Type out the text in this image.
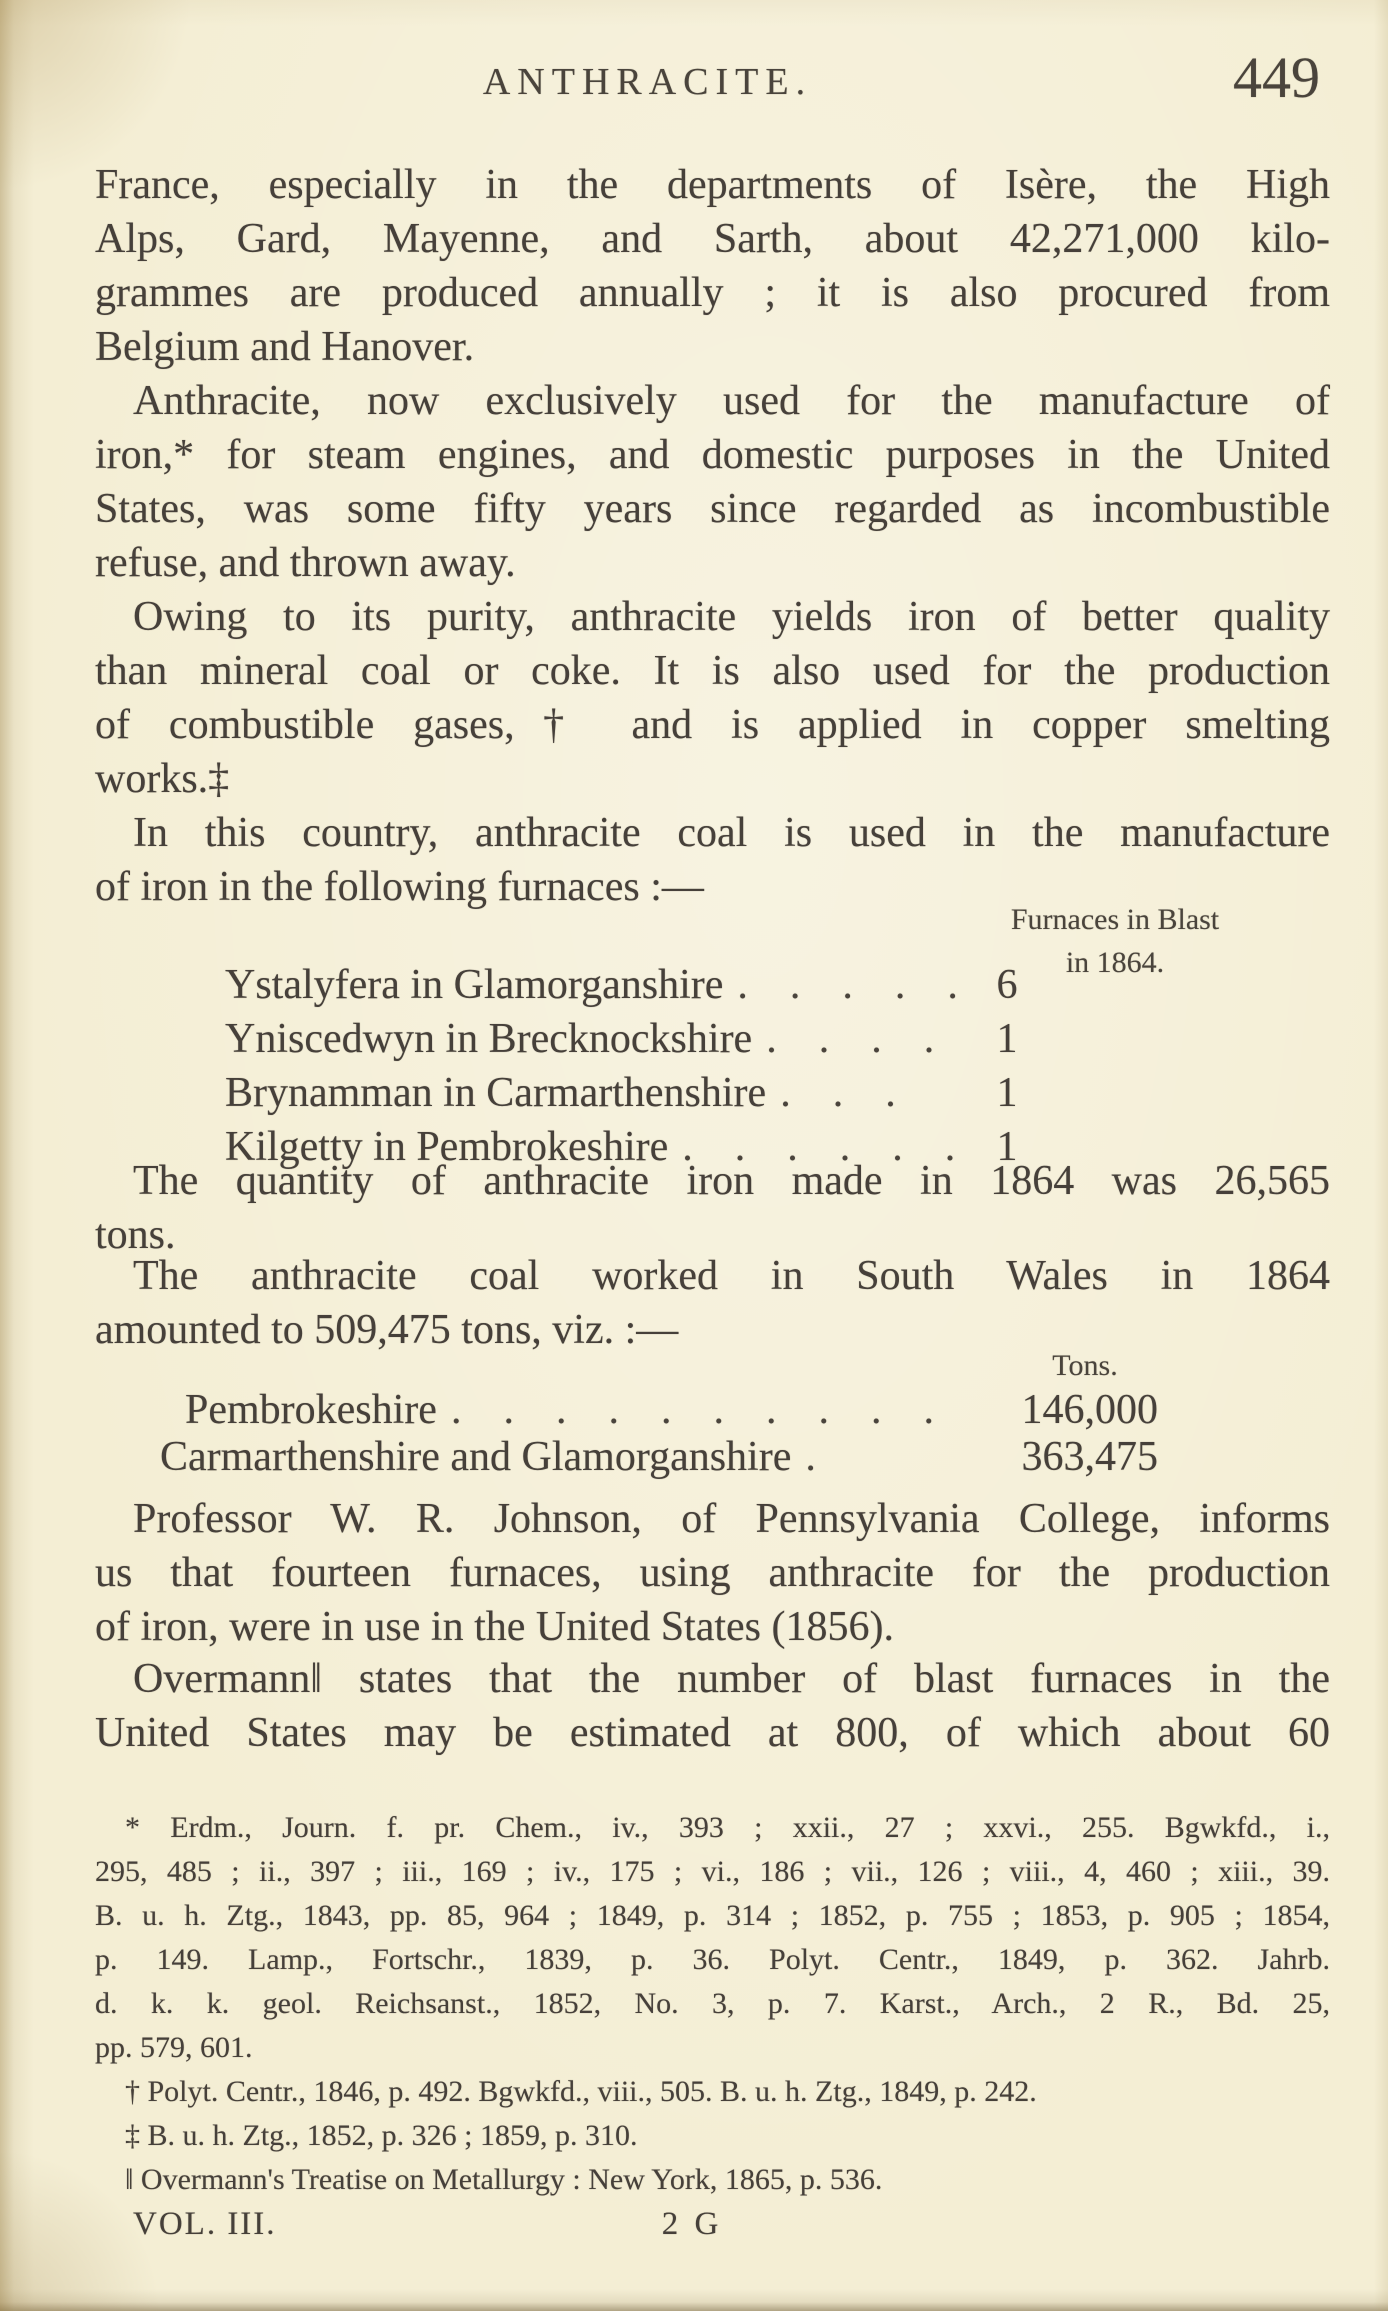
ANTHRACITE.	449
France, especially in the departments of Isère, the High
Alps, Gard, Mayenne, and Sarth, about 42,271,000 kilo-
grammes are produced annually ; it is also procured from
Belgium and Hanover.
Anthracite, now exclusively used for the manufacture of
iron,* for steam engines, and domestic purposes in the United
States, was some fifty years since regarded as incombustible
refuse, and thrown away.
Owing to its purity, anthracite yields iron of better quality
than mineral coal or coke. It is also used for the production
of combustible gases,† and is applied in copper smelting
works.‡
In this country, anthracite coal is used in the manufacture
of iron in the following furnaces :—
Furnaces in Blast
in 1864.
Ystalyfera in Glamorganshire .  .  .  .  . 6
Yniscedwyn in Brecknockshire .  .  .  .	1
Brynamman in Carmarthenshire .  .  .	1
Kilgetty in Pembrokeshire .  .  .  .  .  . 1
The quantity of anthracite iron made in 1864 was 26,565
tons.
The anthracite coal worked in South Wales in 1864
amounted to 509,475 tons, viz. :—
Tons.
Pembrokeshire .  .  .  .  .  .  .  .  .  .	146,000
Carmarthenshire and Glamorganshire .	363,475
Professor W. R. Johnson, of Pennsylvania College, informs
us that fourteen furnaces, using anthracite for the production
of iron, were in use in the United States (1856).
Overmann‖ states that the number of blast furnaces in the
United States may be estimated at 800, of which about 60
* Erdm., Journ. f. pr. Chem., iv., 393 ; xxii., 27 ; xxvi., 255. Bgwkfd., i.,
295, 485 ; ii., 397 ; iii., 169 ; iv., 175 ; vi., 186 ; vii., 126 ; viii., 4, 460 ; xiii., 39.
B. u. h. Ztg., 1843, pp. 85, 964 ; 1849, p. 314 ; 1852, p. 755 ; 1853, p. 905 ; 1854,
p. 149. Lamp., Fortschr., 1839, p. 36. Polyt. Centr., 1849, p. 362. Jahrb.
d. k. k. geol. Reichsanst., 1852, No. 3, p. 7. Karst., Arch., 2 R., Bd. 25,
pp. 579, 601.
† Polyt. Centr., 1846, p. 492. Bgwkfd., viii., 505. B. u. h. Ztg., 1849, p. 242.
‡ B. u. h. Ztg., 1852, p. 326 ; 1859, p. 310.
‖ Overmann's Treatise on Metallurgy : New York, 1865, p. 536.
VOL. III.	2 G
